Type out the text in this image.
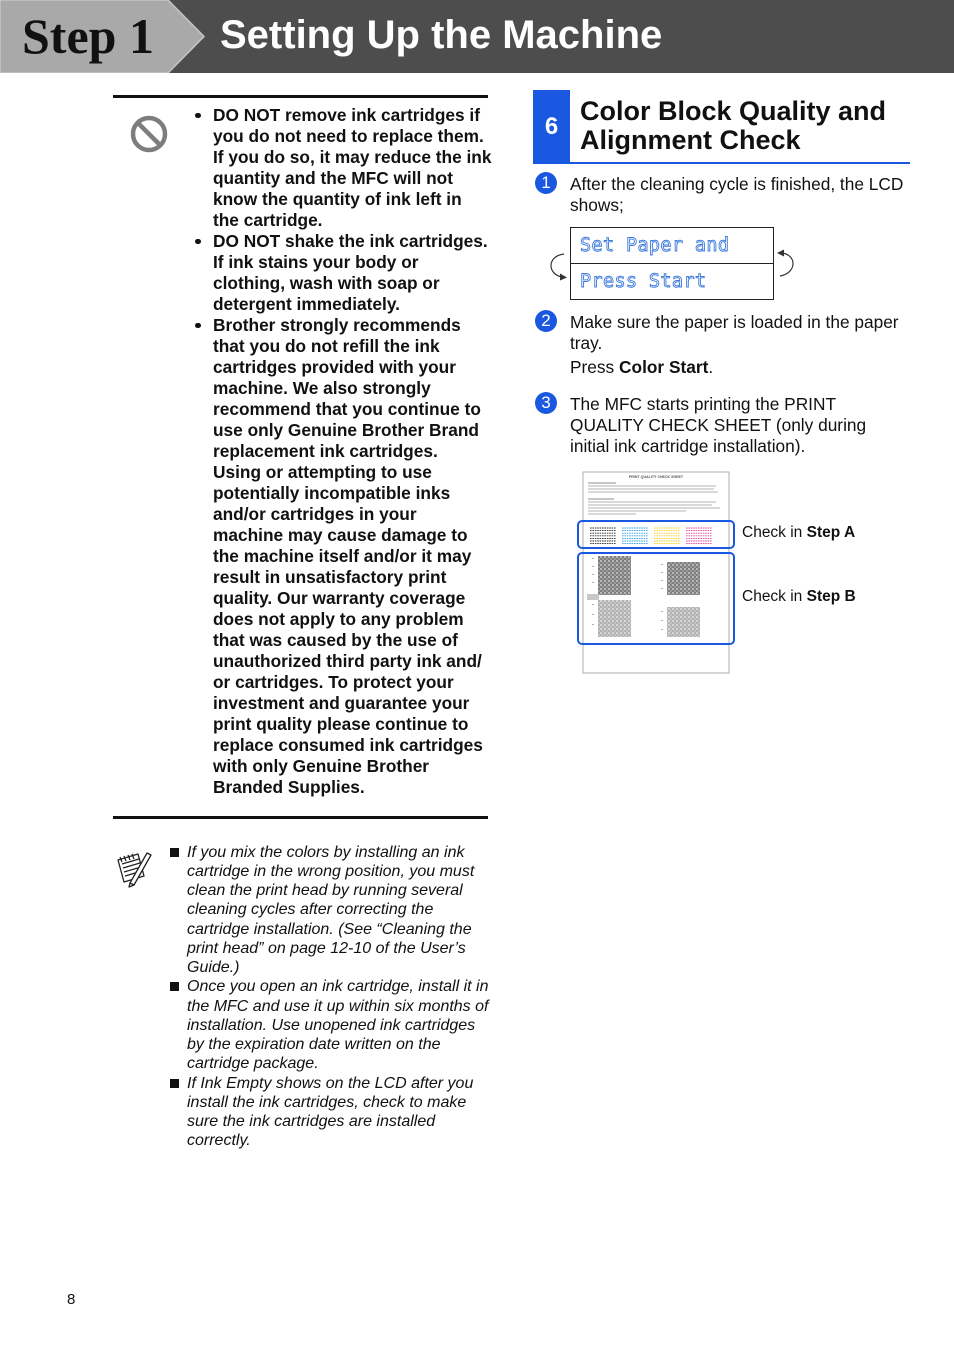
Step 1 Setting Up the Machine
DO NOT remove ink cartridges if
you do not need to replace them.
If you do so, it may reduce the ink
quantity and the MFC will not
know the quantity of ink left in
the cartridge.
DO NOT shake the ink cartridges.
If ink stains your body or
clothing, wash with soap or
detergent immediately.
Brother strongly recommends
that you do not refill the ink
cartridges provided with your
machine. We also strongly
recommend that you continue to
use only Genuine Brother Brand
replacement ink cartridges.
Using or attempting to use
potentially incompatible inks
and/or cartridges in your
machine may cause damage to
the machine itself and/or it may
result in unsatisfactory print
quality. Our warranty coverage
does not apply to any problem
that was caused by the use of
unauthorized third party ink and/
or cartridges. To protect your
investment and guarantee your
print quality please continue to
replace consumed ink cartridges
with only Genuine Brother
Branded Supplies.
If you mix the colors by installing an ink
cartridge in the wrong position, you must
clean the print head by running several
cleaning cycles after correcting the
cartridge installation. (See “Cleaning the
print head” on page 12-10 of the User’s
Guide.)
Once you open an ink cartridge, install it in
the MFC and use it up within six months of
installation. Use unopened ink cartridges
by the expiration date written on the
cartridge package.
If Ink Empty shows on the LCD after you
install the ink cartridges, check to make
sure the ink cartridges are installed
correctly.
6
Color Block Quality and
Alignment Check
1	After the cleaning cycle is finished, the LCD
shows;
Set Paper and
Press Start
2	Make sure the paper is loaded in the paper
tray.
Press Color Start.
3	The MFC starts printing the PRINT
QUALITY CHECK SHEET (only during
initial ink cartridge installation).
PRINT QUALITY CHECK SHEET
Check in Step A
Check in Step B
8
